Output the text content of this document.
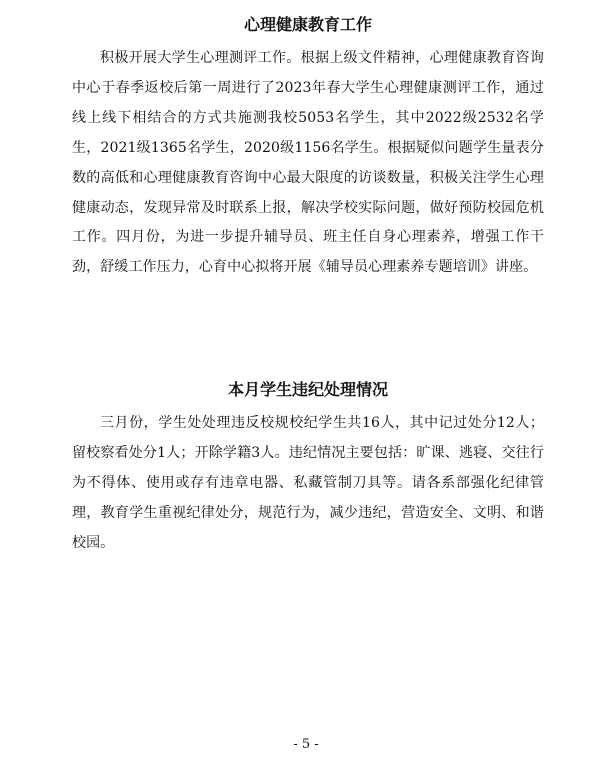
心理健康教育工作

积极开展大学生心理测评工作。根据上级文件精神，心理健康教育咨询中心于春季返校后第一周进行了2023年春大学生心理健康测评工作，通过线上线下相结合的方式共施测我校5053名学生，其中2022级2532名学生，2021级1365名学生，2020级1156名学生。根据疑似问题学生量表分数的高低和心理健康教育咨询中心最大限度的访谈数量，积极关注学生心理健康动态，发现异常及时联系上报，解决学校实际问题，做好预防校园危机工作。四月份，为进一步提升辅导员、班主任自身心理素养，增强工作干劲，舒缓工作压力，心育中心拟将开展《辅导员心理素养专题培训》讲座。

本月学生违纪处理情况

三月份，学生处处理违反校规校纪学生共16人，其中记过处分12人；留校察看处分1人；开除学籍3人。违纪情况主要包括：旷课、逃寝、交往行为不得体、使用或存有违章电器、私藏管制刀具等。请各系部强化纪律管理，教育学生重视纪律处分，规范行为，减少违纪，营造安全、文明、和谐校园。

- 5 -
